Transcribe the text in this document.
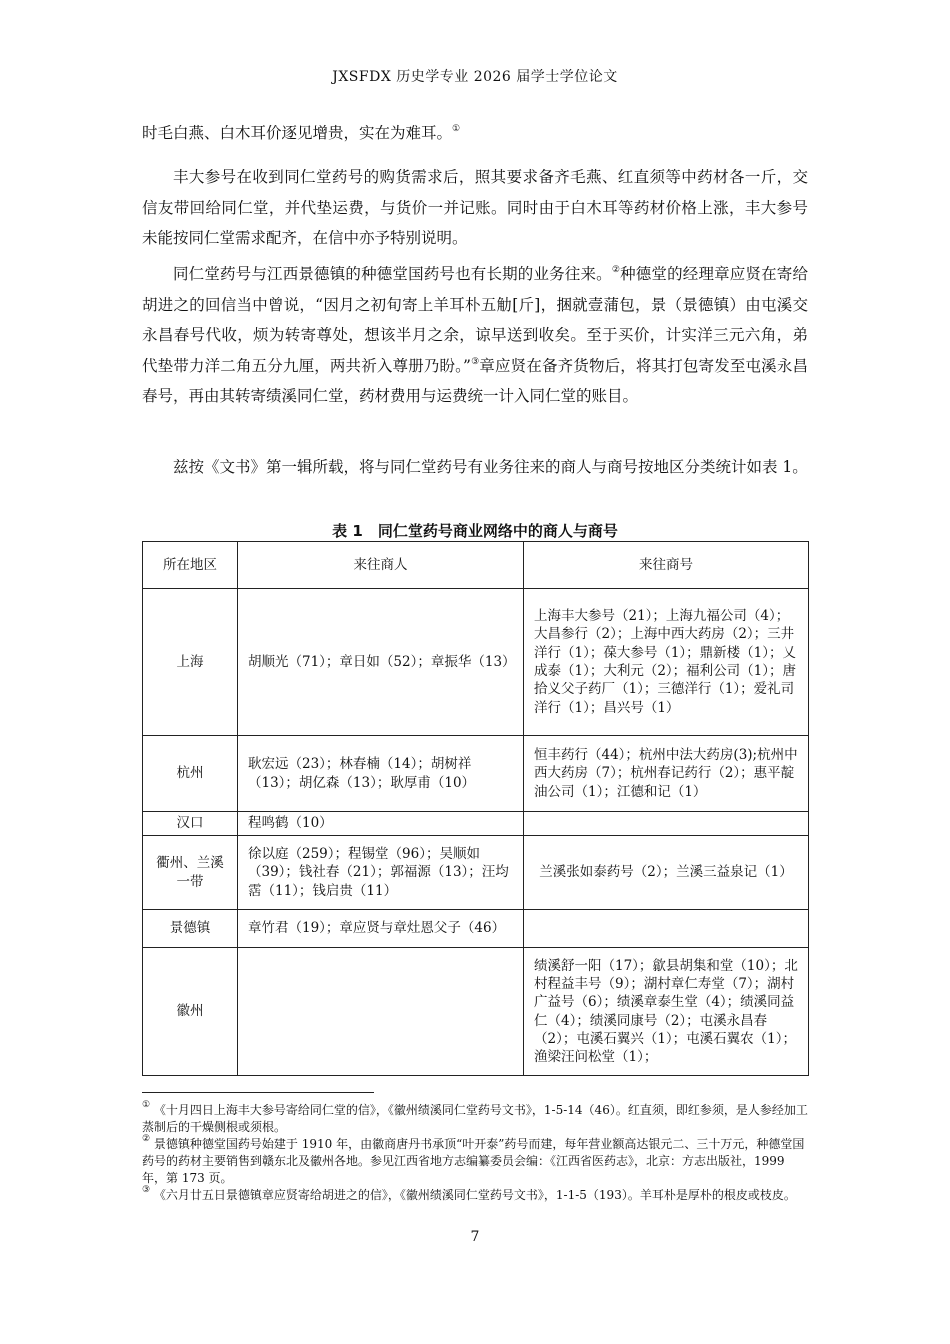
JXSFDX 历史学专业 2026 届学士学位论文

时毛白燕、白木耳价逐见增贵，实在为难耳。①

丰大参号在收到同仁堂药号的购货需求后，照其要求备齐毛燕、红直须等中药材各一斤，交信友带回给同仁堂，并代垫运费，与货价一并记账。同时由于白木耳等药材价格上涨，丰大参号未能按同仁堂需求配齐，在信中亦予特别说明。

同仁堂药号与江西景德镇的种德堂国药号也有长期的业务往来。②种德堂的经理章应贤在寄给胡进之的回信当中曾说，“因月之初旬寄上羊耳朴五觔[斤]，捆就壹蒲包，景（景德镇）由屯溪交永昌春号代收，烦为转寄尊处，想该半月之余，谅早送到收矣。至于买价，计实洋三元六角，弟代垫带力洋二角五分九厘，两共祈入尊册乃盼。”③章应贤在备齐货物后，将其打包寄发至屯溪永昌春号，再由其转寄绩溪同仁堂，药材费用与运费统一计入同仁堂的账目。

兹按《文书》第一辑所载，将与同仁堂药号有业务往来的商人与商号按地区分类统计如表 1。

表 1　同仁堂药号商业网络中的商人与商号
所在地区	来往商人	来往商号
上海	胡顺光（71）；章日如（52）；章振华（13）	上海丰大参号（21）；上海九福公司（4）；大昌参行（2）；上海中西大药房（2）；三井洋行（1）；葆大参号（1）；鼎新楼（1）；乂成泰（1）；大利元（2）；福利公司（1）；唐拾义父子药厂（1）；三德洋行（1）；爱礼司洋行（1）；昌兴号（1）
杭州	耿宏远（23）；林春楠（14）；胡树祥（13）；胡亿森（13）；耿厚甫（10）	恒丰药行（44）；杭州中法大药房(3);杭州中西大药房（7）；杭州春记药行（2）；惠平靛油公司（1）；江德和记（1）
汉口	程鸣鹤（10）	
衢州、兰溪一带	徐以庭（259）；程锡堂（96）；吴顺如（39）；钱社春（21）；郭福源（13）；汪均霑（11）；钱启贵（11）	兰溪张如泰药号（2）；兰溪三益泉记（1）
景德镇	章竹君（19）；章应贤与章灶恩父子（46）	
徽州		绩溪舒一阳（17）；歙县胡集和堂（10）；北村程益丰号（9）；湖村章仁寿堂（7）；湖村广益号（6）；绩溪章泰生堂（4）；绩溪同益仁（4）；绩溪同康号（2）；屯溪永昌春（2）；屯溪石翼兴（1）；屯溪石翼农（1）；渔梁汪问松堂（1）；

① 《十月四日上海丰大参号寄给同仁堂的信》，《徽州绩溪同仁堂药号文书》，1-5-14（46）。红直须，即红参须，是人参经加工蒸制后的干燥侧根或须根。

② 景德镇种德堂国药号始建于 1910 年，由徽商唐丹书承顶“叶开泰”药号而建，每年营业额高达银元二、三十万元，种德堂国药号的药材主要销售到赣东北及徽州各地。参见江西省地方志编纂委员会编：《江西省医药志》，北京：方志出版社，1999 年，第 173 页。

③ 《六月廿五日景德镇章应贤寄给胡进之的信》，《徽州绩溪同仁堂药号文书》，1-1-5（193）。羊耳朴是厚朴的根皮或枝皮。

7
